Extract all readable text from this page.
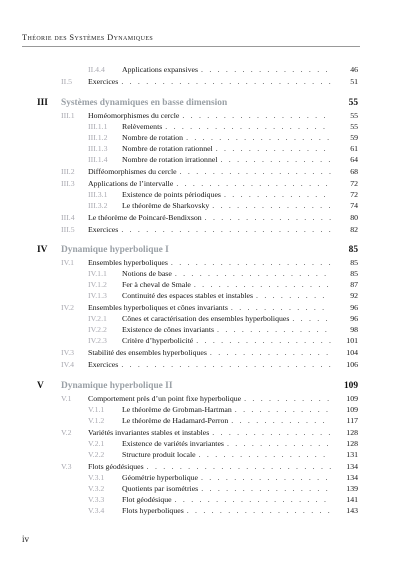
Théorie des Systèmes Dynamiques
II.4.4 Applications expansives . . .	46
II.5 Exercices . . .	51
III Systèmes dynamiques en basse dimension	55
III.1 Homéomorphismes du cercle . . .	55
III.1.1 Relèvements . . .	55
III.1.2 Nombre de rotation . . .	59
III.1.3 Nombre de rotation rationnel . . .	61
III.1.4 Nombre de rotation irrationnel . . .	64
III.2 Difféomorphismes du cercle . . .	68
III.3 Applications de l’intervalle . . .	72
III.3.1 Existence de points périodiques . . .	72
III.3.2 Le théorème de Sharkovsky . . .	74
III.4 Le théorème de Poincaré-Bendixson . . .	80
III.5 Exercices . . .	82
IV Dynamique hyperbolique I	85
IV.1 Ensembles hyperboliques . . .	85
IV.1.1 Notions de base . . .	85
IV.1.2 Fer à cheval de Smale . . .	87
IV.1.3 Continuité des espaces stables et instables . . .	92
IV.2 Ensembles hyperboliques et cônes invariants . . .	96
IV.2.1 Cônes et caractérisation des ensembles hyperboliques . . .	96
IV.2.2 Existence de cônes invariants . . .	98
IV.2.3 Critère d’hyperbolicité . . .	101
IV.3 Stabilité des ensembles hyperboliques . . .	104
IV.4 Exercices . . .	106
V Dynamique hyperbolique II	109
V.1 Comportement près d’un point fixe hyperbolique . . .	109
V.1.1 Le théorème de Grobman-Hartman . . .	109
V.1.2 Le théorème de Hadamard-Perron . . .	117
V.2 Variétés invariantes stables et instables . . .	128
V.2.1 Existence de variétés invariantes . . .	128
V.2.2 Structure produit locale . . .	131
V.3 Flots géodésiques . . .	134
V.3.1 Géométrie hyperbolique . . .	134
V.3.2 Quotients par isométries . . .	139
V.3.3 Flot géodésique . . .	141
V.3.4 Flots hyperboliques . . .	143
iv
